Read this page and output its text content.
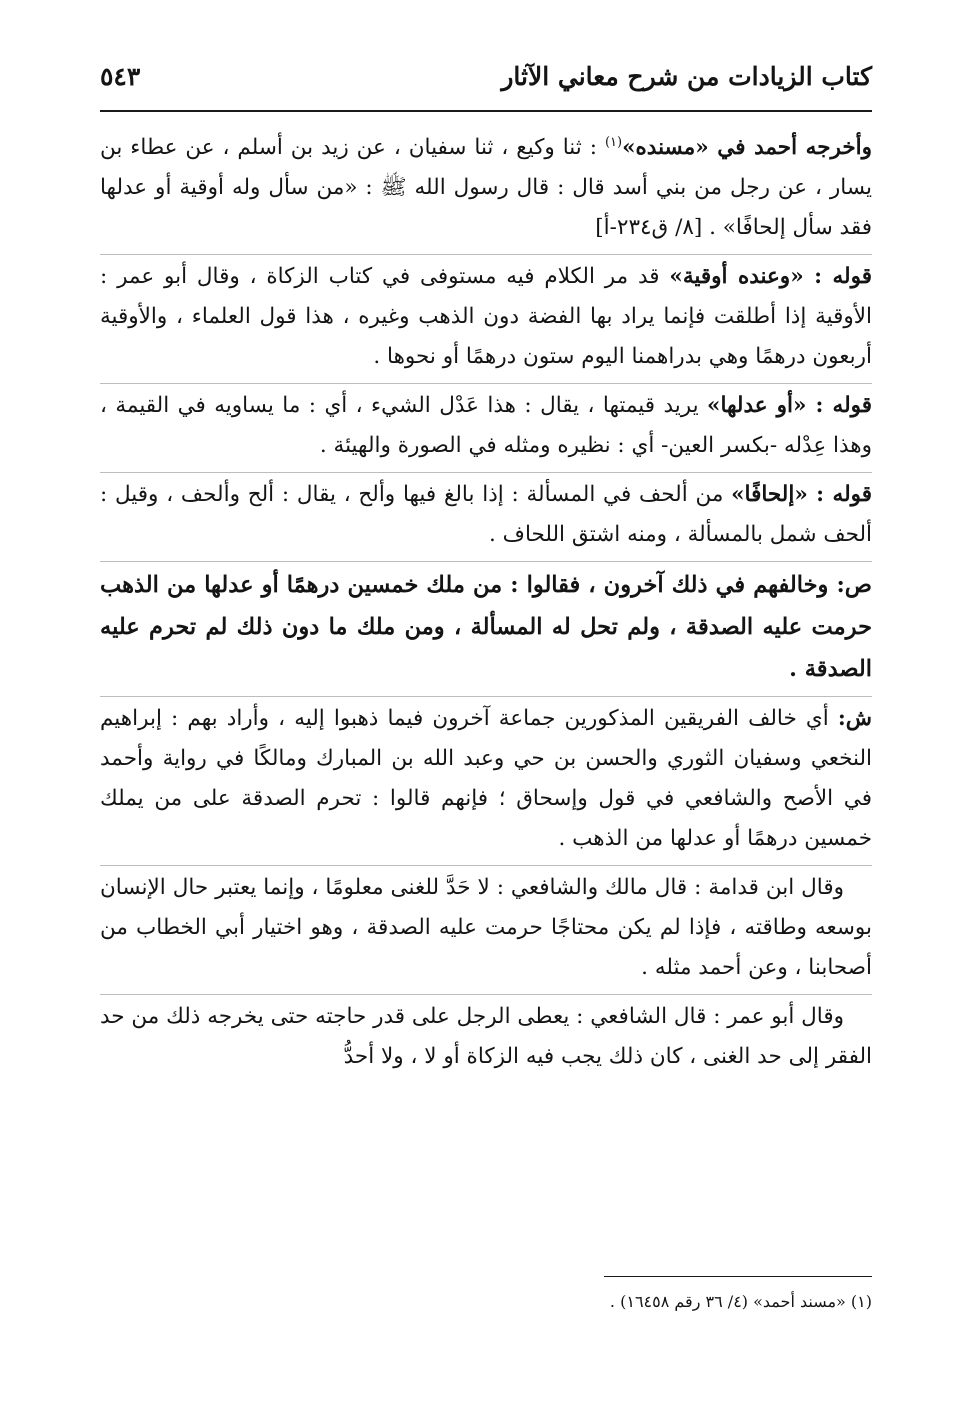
كتاب الزيادات من شرح معاني الآثار
٥٤٣

وأخرجه أحمد في «مسنده»$^{(١)}$ : ثنا وكيع ، ثنا سفيان ، عن زيد بن أسلم ، عن عطاء بن يسار ، عن رجل من بني أسد قال : قال رسول الله ﷺ : «من سأل وله أوقية أو عدلها فقد سأل إلحافًا» . [٨/ ق٢٣٤-أ]

قوله : «وعنده أوقية» قد مر الكلام فيه مستوفى في كتاب الزكاة ، وقال أبو عمر : الأوقية إذا أطلقت فإنما يراد بها الفضة دون الذهب وغيره ، هذا قول العلماء ، والأوقية أربعون درهمًا وهي بدراهمنا اليوم ستون درهمًا أو نحوها .

قوله : «أو عدلها» يريد قيمتها ، يقال : هذا عَدْل الشيء ، أي : ما يساويه في القيمة ، وهذا عِدْله -بكسر العين- أي : نظيره ومثله في الصورة والهيئة .

قوله : «إلحافًا» من ألحف في المسألة : إذا بالغ فيها وألح ، يقال : ألح وألحف ، وقيل : ألحف شمل بالمسألة ، ومنه اشتق اللحاف .

ص: وخالفهم في ذلك آخرون ، فقالوا : من ملك خمسين درهمًا أو عدلها من الذهب حرمت عليه الصدقة ، ولم تحل له المسألة ، ومن ملك ما دون ذلك لم تحرم عليه الصدقة .

ش: أي خالف الفريقين المذكورين جماعة آخرون فيما ذهبوا إليه ، وأراد بهم : إبراهيم النخعي وسفيان الثوري والحسن بن حي وعبد الله بن المبارك ومالكًا في رواية وأحمد في الأصح والشافعي في قول وإسحاق ؛ فإنهم قالوا : تحرم الصدقة على من يملك خمسين درهمًا أو عدلها من الذهب .

وقال ابن قدامة : قال مالك والشافعي : لا حَدَّ للغنى معلومًا ، وإنما يعتبر حال الإنسان بوسعه وطاقته ، فإذا لم يكن محتاجًا حرمت عليه الصدقة ، وهو اختيار أبي الخطاب من أصحابنا ، وعن أحمد مثله .

وقال أبو عمر : قال الشافعي : يعطى الرجل على قدر حاجته حتى يخرجه ذلك من حد الفقر إلى حد الغنى ، كان ذلك يجب فيه الزكاة أو لا ، ولا أحدُّ

(١) «مسند أحمد» (٤/ ٣٦ رقم ١٦٤٥٨) .
